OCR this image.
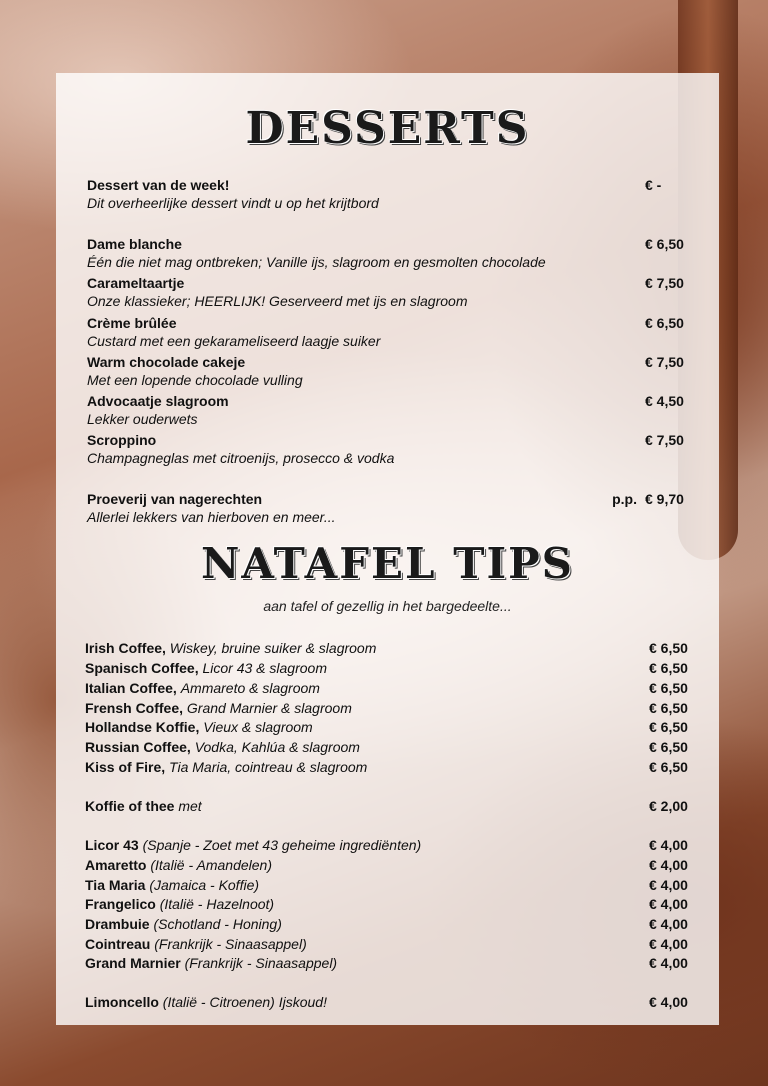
DESSERTS
Dessert van de week!
Dit overheerlijke dessert vindt u op het krijtbord
€ -
Dame blanche
Één die niet mag ontbreken; Vanille ijs, slagroom en gesmolten chocolade
€ 6,50
Carameltaartje
Onze klassieker; HEERLIJK! Geserveerd met ijs en slagroom
€ 7,50
Crème brûlée
Custard met een gekarameliseerd laagje suiker
€ 6,50
Warm chocolade cakeje
Met een lopende chocolade vulling
€ 7,50
Advocaatje slagroom
Lekker ouderwets
€ 4,50
Scroppino
Champagneglas met citroenijs, prosecco & vodka
€ 7,50
Proeverij van nagerechten
Allerlei lekkers van hierboven en meer...
p.p. € 9,70
NATAFEL TIPS
aan tafel of gezellig in het bargedeelte...
Irish Coffee, Wiskey, bruine suiker & slagroom	€ 6,50
Spanisch Coffee, Licor 43 & slagroom	€ 6,50
Italian Coffee, Ammareto & slagroom	€ 6,50
Frensh Coffee, Grand Marnier & slagroom	€ 6,50
Hollandse Koffie, Vieux & slagroom	€ 6,50
Russian Coffee, Vodka, Kahlúa & slagroom	€ 6,50
Kiss of Fire, Tia Maria, cointreau & slagroom	€ 6,50
Koffie of thee met	€ 2,00
Licor 43 (Spanje - Zoet met 43 geheime ingrediënten)	€ 4,00
Amaretto (Italië - Amandelen)	€ 4,00
Tia Maria (Jamaica - Koffie)	€ 4,00
Frangelico (Italië - Hazelnoot)	€ 4,00
Drambuie (Schotland - Honing)	€ 4,00
Cointreau (Frankrijk - Sinaasappel)	€ 4,00
Grand Marnier (Frankrijk - Sinaasappel)	€ 4,00
Limoncello (Italië - Citroenen) Ijskoud!	€ 4,00
